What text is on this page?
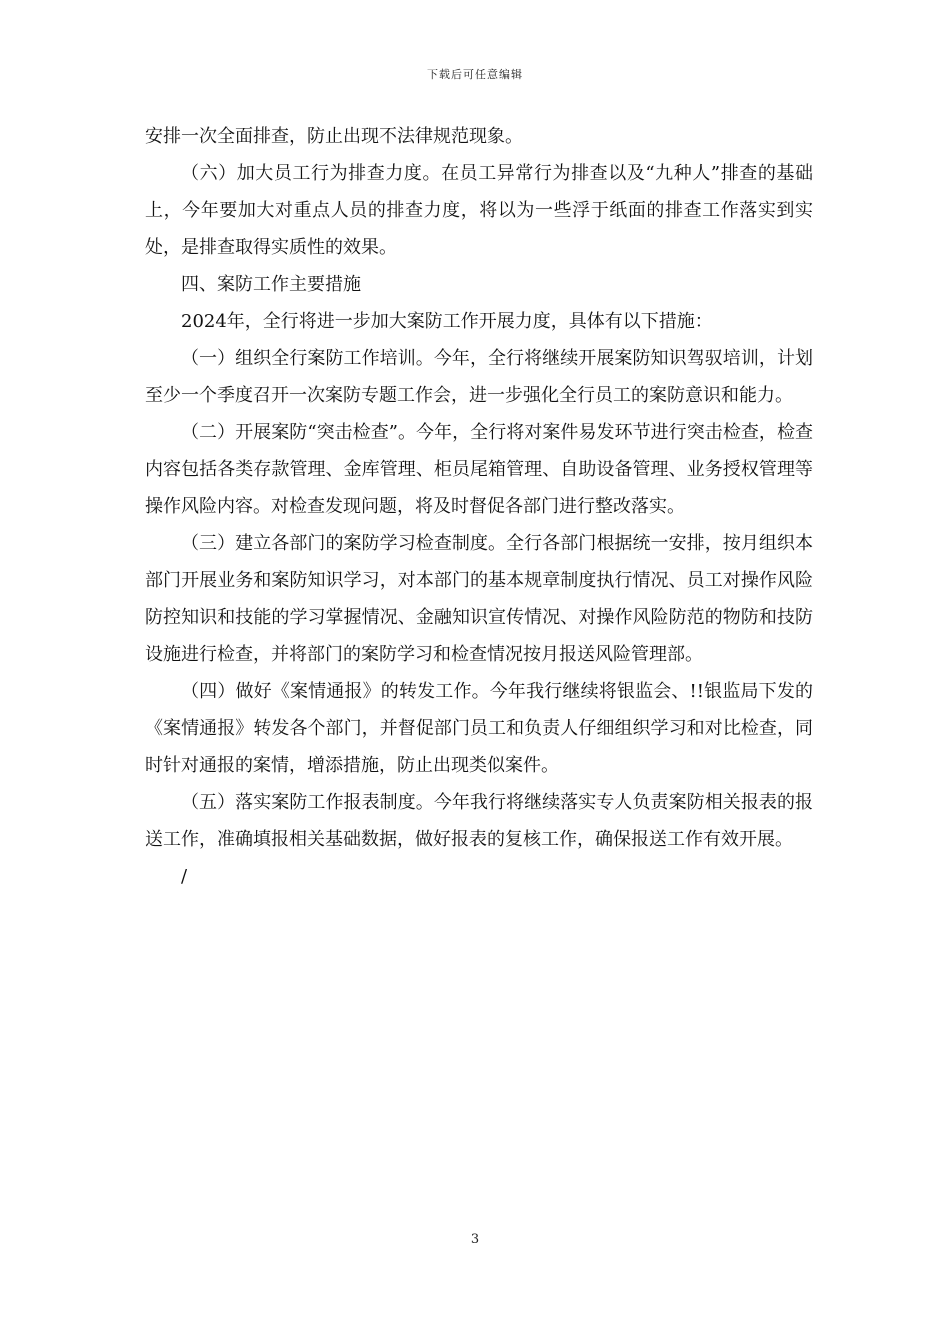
下载后可任意编辑

安排一次全面排查，防止出现不法律规范现象。

（六）加大员工行为排查力度。在员工异常行为排查以及“九种人”排查的基础上，今年要加大对重点人员的排查力度，将以为一些浮于纸面的排查工作落实到实处，是排查取得实质性的效果。

四、案防工作主要措施

2024年，全行将进一步加大案防工作开展力度，具体有以下措施：

（一）组织全行案防工作培训。今年，全行将继续开展案防知识驾驭培训，计划至少一个季度召开一次案防专题工作会，进一步强化全行员工的案防意识和能力。

（二）开展案防“突击检查”。今年，全行将对案件易发环节进行突击检查，检查内容包括各类存款管理、金库管理、柜员尾箱管理、自助设备管理、业务授权管理等操作风险内容。对检查发现问题，将及时督促各部门进行整改落实。

（三）建立各部门的案防学习检查制度。全行各部门根据统一安排，按月组织本部门开展业务和案防知识学习，对本部门的基本规章制度执行情况、员工对操作风险防控知识和技能的学习掌握情况、金融知识宣传情况、对操作风险防范的物防和技防设施进行检查，并将部门的案防学习和检查情况按月报送风险管理部。

（四）做好《案情通报》的转发工作。今年我行继续将银监会、!!银监局下发的《案情通报》转发各个部门，并督促部门员工和负责人仔细组织学习和对比检查，同时针对通报的案情，增添措施，防止出现类似案件。

（五）落实案防工作报表制度。今年我行将继续落实专人负责案防相关报表的报送工作，准确填报相关基础数据，做好报表的复核工作，确保报送工作有效开展。

/

3
